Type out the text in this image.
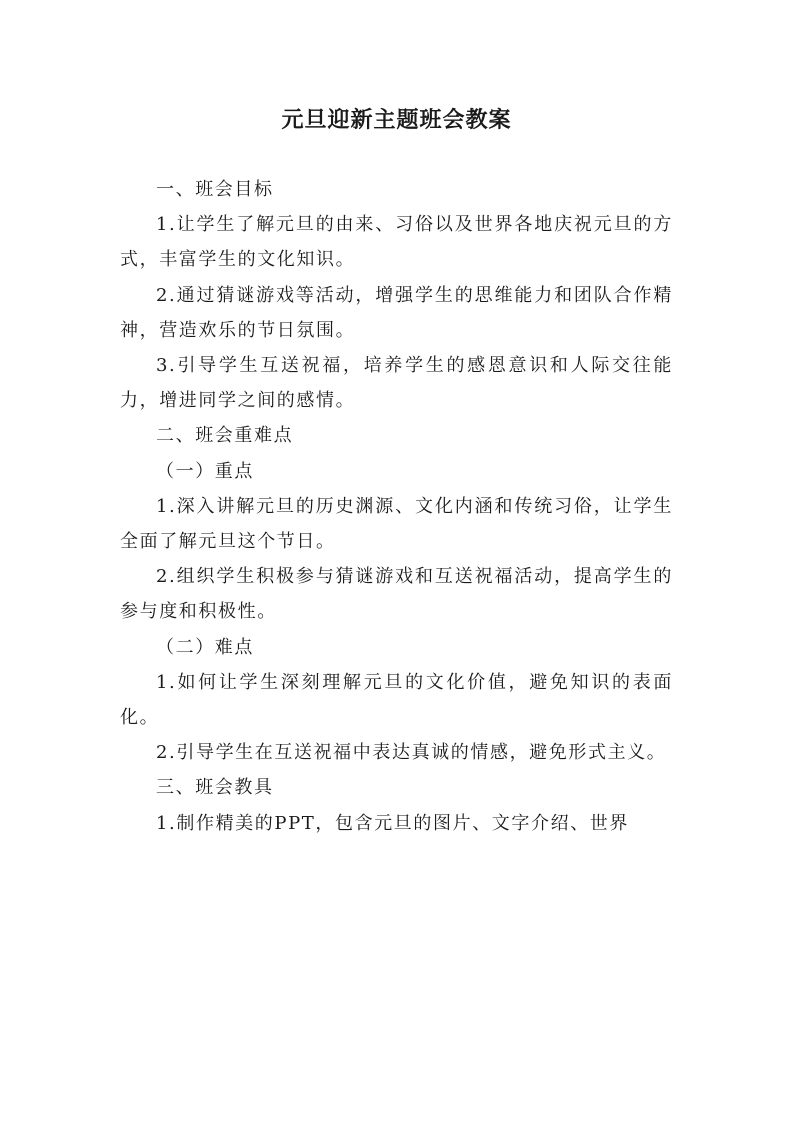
元旦迎新主题班会教案

一、班会目标

1.让学生了解元旦的由来、习俗以及世界各地庆祝元旦的方式，丰富学生的文化知识。

2.通过猜谜游戏等活动，增强学生的思维能力和团队合作精神，营造欢乐的节日氛围。

3.引导学生互送祝福，培养学生的感恩意识和人际交往能力，增进同学之间的感情。

二、班会重难点

（一）重点

1.深入讲解元旦的历史渊源、文化内涵和传统习俗，让学生全面了解元旦这个节日。

2.组织学生积极参与猜谜游戏和互送祝福活动，提高学生的参与度和积极性。

（二）难点

1.如何让学生深刻理解元旦的文化价值，避免知识的表面化。

2.引导学生在互送祝福中表达真诚的情感，避免形式主义。

三、班会教具

1.制作精美的PPT，包含元旦的图片、文字介绍、世界
